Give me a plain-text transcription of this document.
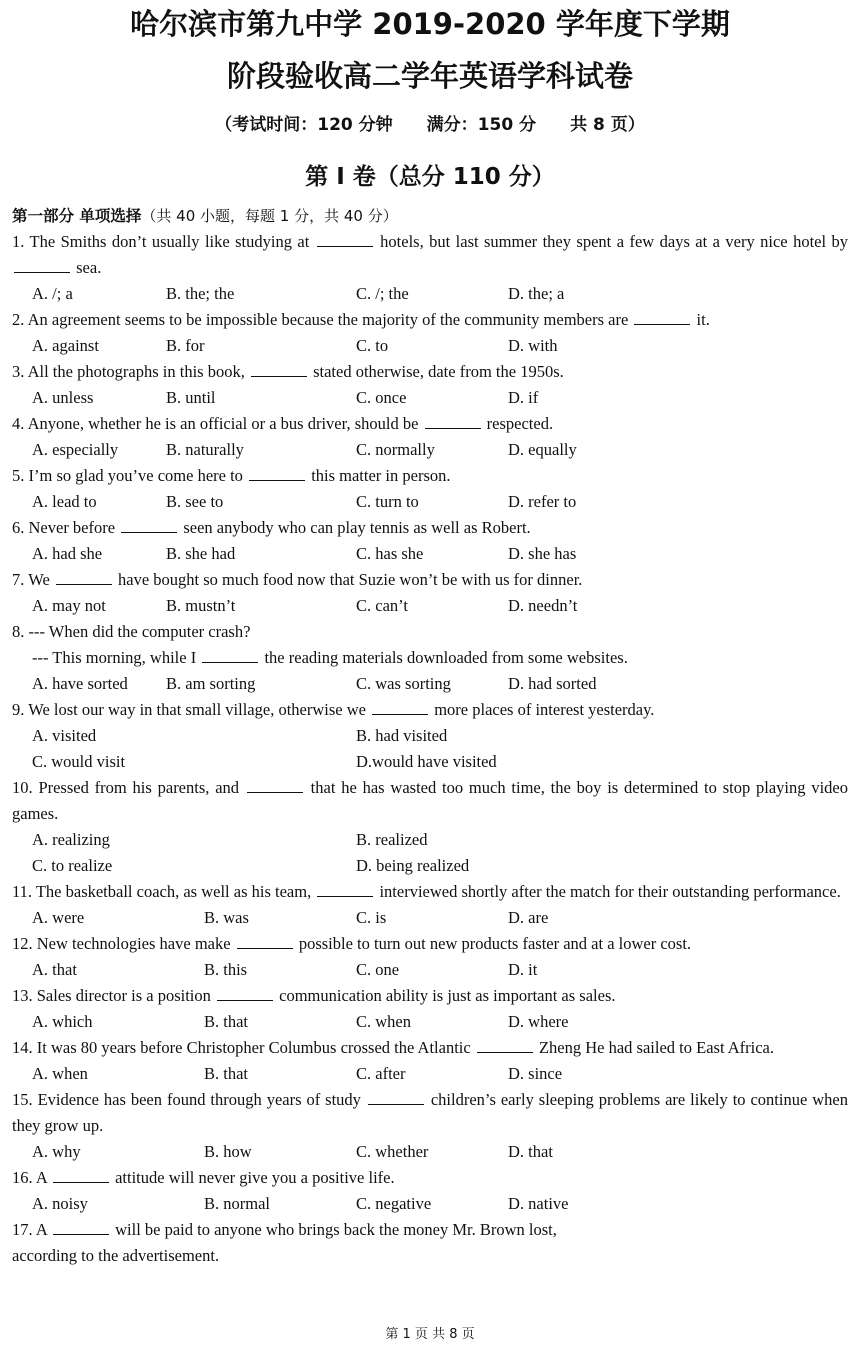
哈尔滨市第九中学 2019-2020 学年度下学期
阶段验收高二学年英语学科试卷
（考试时间：120 分钟 满分：150 分 共 8 页）
第 I 卷（总分 110 分）
第一部分 单项选择（共 40 小题，每题 1 分，共 40 分）
1. The Smiths don’t usually like studying at	hotels, but last summer they spent a few days at a very nice hotel by  sea.
A. /; a	B. the; the	C. /; the	D. the; a
2. An agreement seems to be impossible because the majority of the community members are	it.
A. against	B. for	C. to	D. with
3. All the photographs in this book,	stated otherwise, date from the 1950s.
A. unless	B. until	C. once	D. if
4. Anyone, whether he is an official or a bus driver, should be	respected.
A. especially	B. naturally	C. normally	D. equally
5. I’m so glad you’ve come here to	this matter in person.
A. lead to	B. see to	C. turn to	D. refer to
6. Never before	seen anybody who can play tennis as well as Robert.
A. had she	B. she had	C. has she	D. she has
7. We	have bought so much food now that Suzie won’t be with us for dinner.
A. may not	B. mustn’t	C. can’t	D. needn’t
8. --- When did the computer crash?
--- This morning, while I	the reading materials downloaded from some websites.
A. have sorted B. am sorting	C. was sorting	D. had sorted
9. We lost our way in that small village, otherwise we	more places of interest yesterday.
A. visited	B. had visited
C. would visit	D.would have visited
10. Pressed from his parents, and	that he has wasted too much time, the boy is determined to stop playing video games.
A. realizing	B. realized
C. to realize	D. being realized
11. The basketball coach, as well as his team,	interviewed shortly after the match for their outstanding performance.
A. were	B. was	C. is	D. are
12. New technologies have make	possible to turn out new products faster and at a lower cost.
A. that	B. this	C. one	D. it
13. Sales director is a position	communication ability is just as important as sales.
A. which	B. that	C. when	D. where
14. It was 80 years before Christopher Columbus crossed the Atlantic	Zheng He had sailed to East Africa.
A. when	B. that	C. after	D. since
15. Evidence has been found through years of study	children’s early sleeping problems are likely to continue when they grow up.
A. why	B. how	C. whether	D. that
16. A	attitude will never give you a positive life.
A. noisy	B. normal	C. negative	D. native
17. A	will be paid to anyone who brings back the money Mr. Brown lost,
according to the advertisement.
第 1 页 共 8 页
